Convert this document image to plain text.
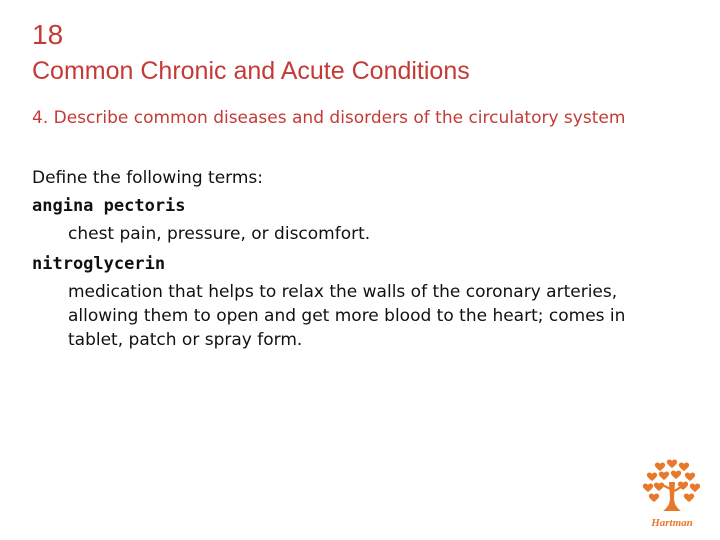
18
Common Chronic and Acute Conditions
4. Describe common diseases and disorders of the circulatory system
Define the following terms:
angina pectoris
chest pain, pressure, or discomfort.
nitroglycerin
medication that helps to relax the walls of the coronary arteries, allowing them to open and get more blood to the heart; comes in tablet, patch or spray form.
Hartman
